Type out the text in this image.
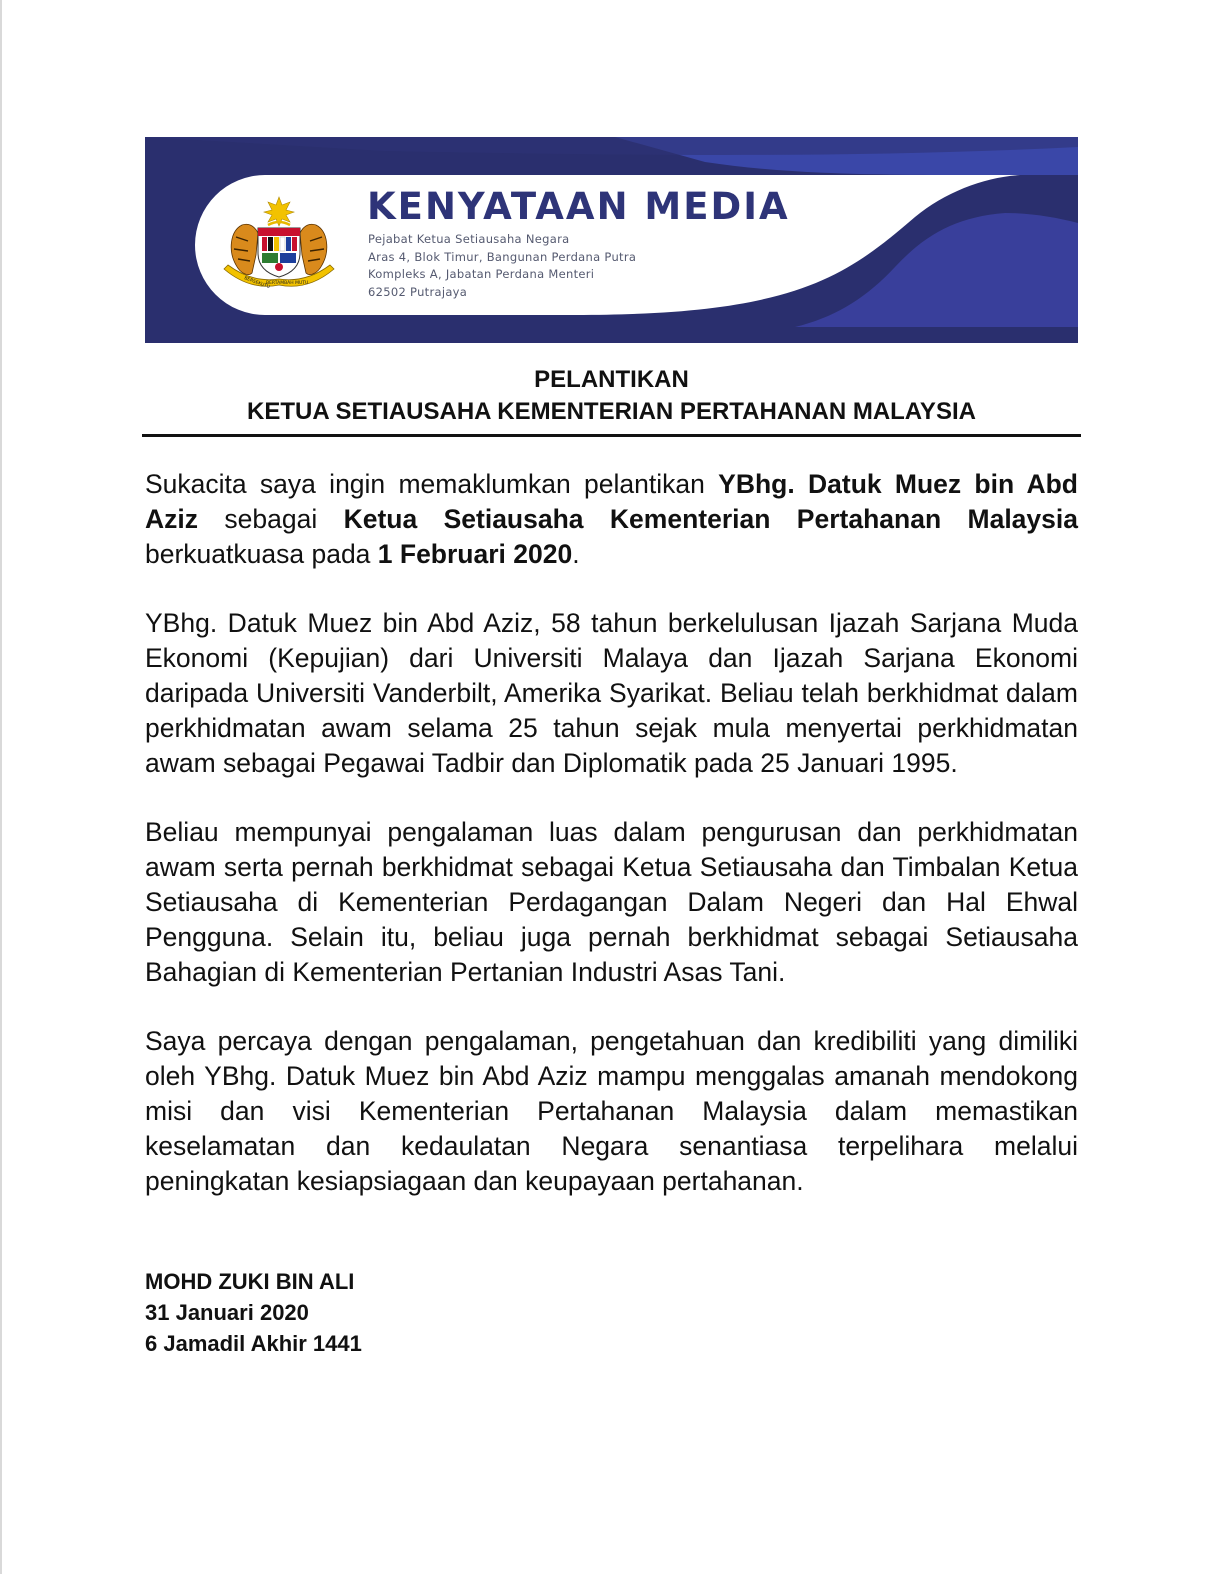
BERSEKUTU
BERTAMBAH MUTU
KENYATAAN MEDIA
Pejabat Ketua Setiausaha Negara
Aras 4, Blok Timur, Bangunan Perdana Putra
Kompleks A, Jabatan Perdana Menteri
62502 Putrajaya
PELANTIKAN
KETUA SETIAUSAHA KEMENTERIAN PERTAHANAN MALAYSIA

Sukacita saya ingin memaklumkan pelantikan YBhg. Datuk Muez bin Abd Aziz sebagai Ketua Setiausaha Kementerian Pertahanan Malaysia berkuatkuasa pada 1 Februari 2020.

YBhg. Datuk Muez bin Abd Aziz, 58 tahun berkelulusan Ijazah Sarjana Muda Ekonomi (Kepujian) dari Universiti Malaya dan Ijazah Sarjana Ekonomi daripada Universiti Vanderbilt, Amerika Syarikat. Beliau telah berkhidmat dalam perkhidmatan awam selama 25 tahun sejak mula menyertai perkhidmatan awam sebagai Pegawai Tadbir dan Diplomatik pada 25 Januari 1995.

Beliau mempunyai pengalaman luas dalam pengurusan dan perkhidmatan awam serta pernah berkhidmat sebagai Ketua Setiausaha dan Timbalan Ketua Setiausaha di Kementerian Perdagangan Dalam Negeri dan Hal Ehwal Pengguna. Selain itu, beliau juga pernah berkhidmat sebagai Setiausaha Bahagian di Kementerian Pertanian Industri Asas Tani.

Saya percaya dengan pengalaman, pengetahuan dan kredibiliti yang dimiliki oleh YBhg. Datuk Muez bin Abd Aziz mampu menggalas amanah mendokong misi dan visi Kementerian Pertahanan Malaysia dalam memastikan keselamatan dan kedaulatan Negara senantiasa terpelihara melalui peningkatan kesiapsiagaan dan keupayaan pertahanan.

MOHD ZUKI BIN ALI
31 Januari 2020
6 Jamadil Akhir 1441
